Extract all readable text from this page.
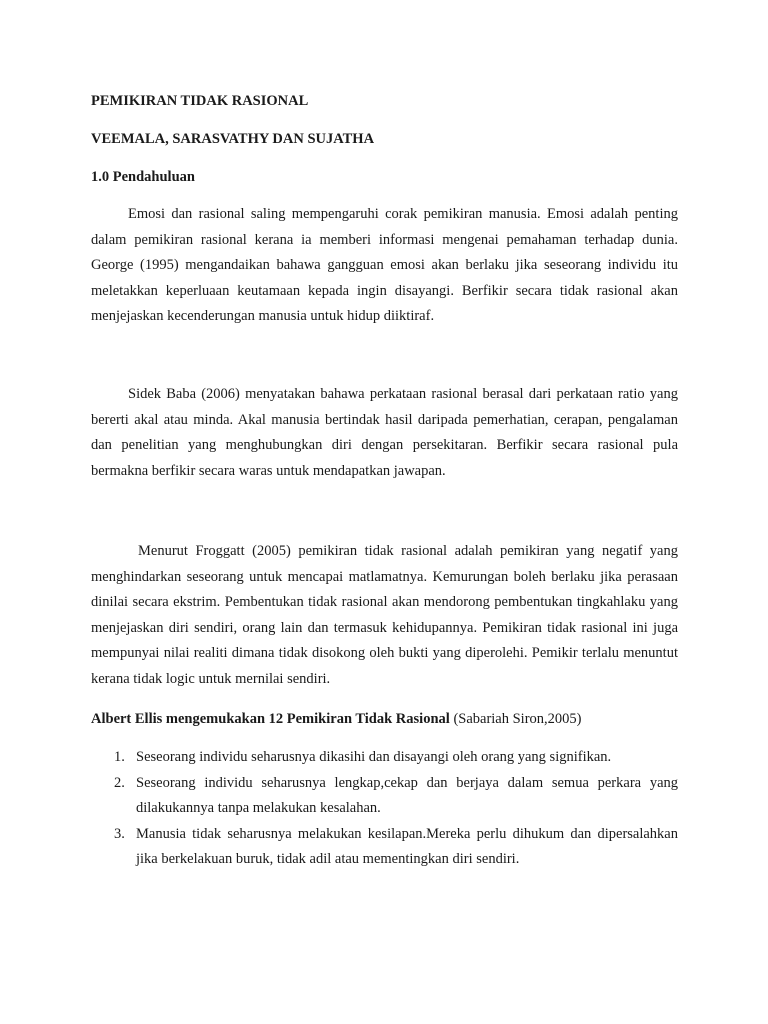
PEMIKIRAN TIDAK RASIONAL
VEEMALA, SARASVATHY DAN SUJATHA
1.0 Pendahuluan
Emosi dan rasional saling mempengaruhi corak pemikiran manusia. Emosi adalah penting dalam pemikiran rasional kerana ia memberi informasi mengenai pemahaman terhadap dunia. George (1995) mengandaikan bahawa gangguan emosi akan berlaku jika seseorang individu itu meletakkan keperluaan keutamaan kepada ingin disayangi. Berfikir secara tidak rasional akan menjejaskan kecenderungan manusia untuk hidup diiktiraf.
Sidek Baba (2006) menyatakan bahawa perkataan rasional berasal dari perkataan ratio yang bererti akal atau minda. Akal manusia bertindak hasil daripada pemerhatian, cerapan, pengalaman dan penelitian yang menghubungkan diri dengan persekitaran. Berfikir secara rasional pula bermakna berfikir secara waras untuk mendapatkan jawapan.
Menurut Froggatt (2005) pemikiran tidak rasional adalah pemikiran yang negatif yang menghindarkan seseorang untuk mencapai matlamatnya. Kemurungan boleh berlaku jika perasaan dinilai secara ekstrim. Pembentukan tidak rasional akan mendorong pembentukan tingkahlaku yang menjejaskan diri sendiri, orang lain dan termasuk kehidupannya. Pemikiran tidak rasional ini juga mempunyai nilai realiti dimana tidak disokong oleh bukti yang diperolehi. Pemikir terlalu menuntut kerana tidak logic untuk mernilai sendiri.
Albert Ellis mengemukakan 12 Pemikiran Tidak Rasional (Sabariah Siron,2005)
1. Seseorang individu seharusnya dikasihi dan disayangi oleh orang yang signifikan.
2. Seseorang individu seharusnya lengkap,cekap dan berjaya dalam semua perkara yang dilakukannya tanpa melakukan kesalahan.
3. Manusia tidak seharusnya melakukan kesilapan.Mereka perlu dihukum dan dipersalahkan jika berkelakuan buruk, tidak adil atau mementingkan diri sendiri.
